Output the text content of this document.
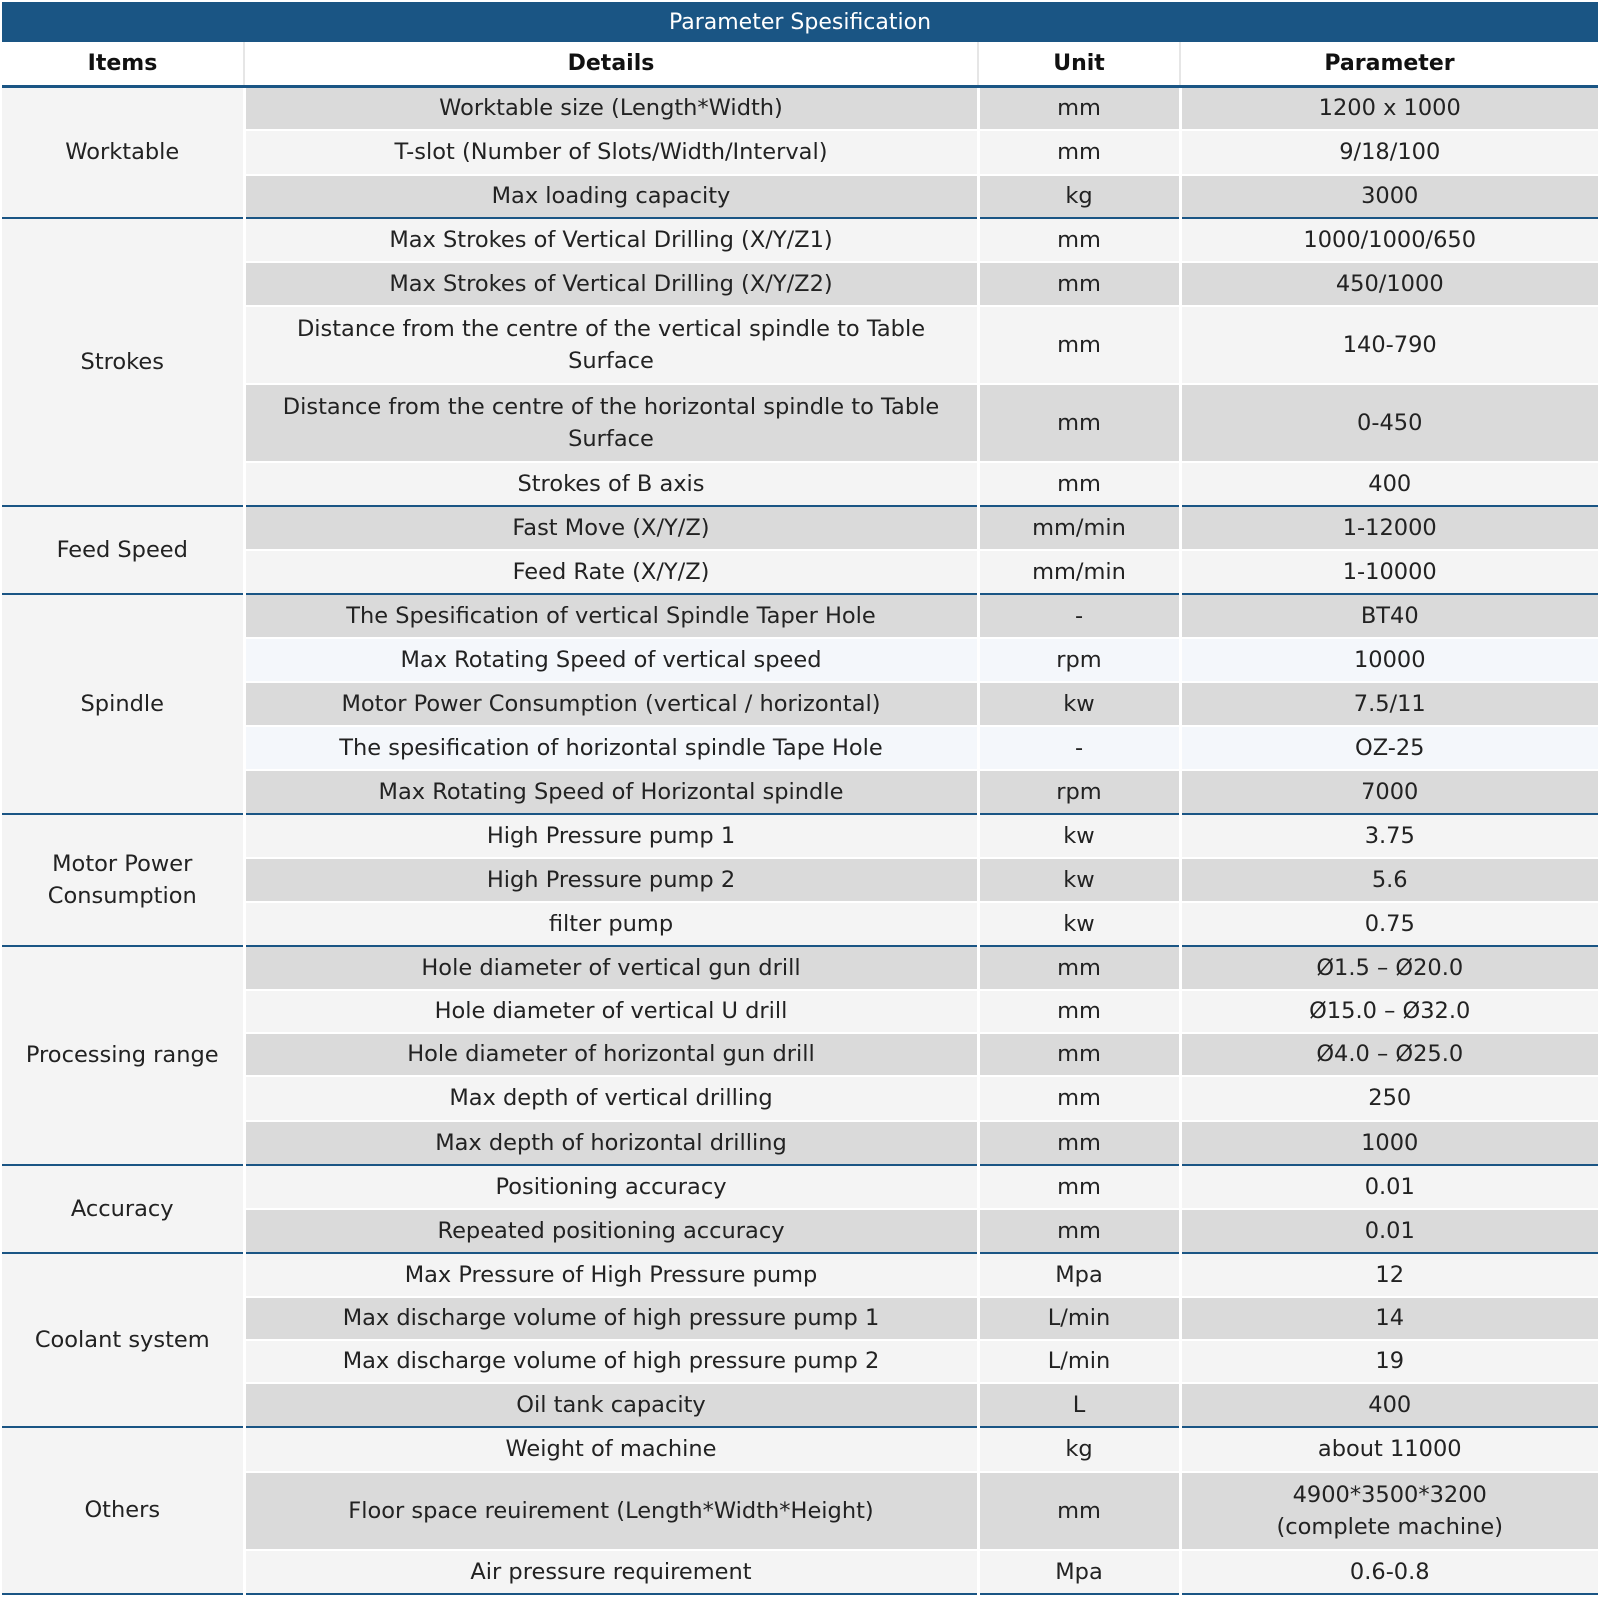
Parameter Spesification
Items	Details	Unit	Parameter
Worktable	Worktable size (Length*Width)	mm	1200 x 1000
	T-slot (Number of Slots/Width/Interval)	mm	9/18/100
	Max loading capacity	kg	3000
Strokes	Max Strokes of Vertical Drilling (X/Y/Z1)	mm	1000/1000/650
	Max Strokes of Vertical Drilling (X/Y/Z2)	mm	450/1000
	Distance from the centre of the vertical spindle to Table Surface	mm	140-790
	Distance from the centre of the horizontal spindle to Table Surface	mm	0-450
	Strokes of B axis	mm	400
Feed Speed	Fast Move (X/Y/Z)	mm/min	1-12000
	Feed Rate (X/Y/Z)	mm/min	1-10000
Spindle	The Spesification of vertical Spindle Taper Hole	-	BT40
	Max Rotating Speed of vertical speed	rpm	10000
	Motor Power Consumption (vertical / horizontal)	kw	7.5/11
	The spesification of horizontal spindle Tape Hole	-	OZ-25
	Max Rotating Speed of Horizontal spindle	rpm	7000
Motor Power Consumption	High Pressure pump 1	kw	3.75
	High Pressure pump 2	kw	5.6
	filter pump	kw	0.75
Processing range	Hole diameter of vertical gun drill	mm	Ø1.5 – Ø20.0
	Hole diameter of vertical U drill	mm	Ø15.0 – Ø32.0
	Hole diameter of horizontal gun drill	mm	Ø4.0 – Ø25.0
	Max depth of vertical drilling	mm	250
	Max depth of horizontal drilling	mm	1000
Accuracy	Positioning accuracy	mm	0.01
	Repeated positioning accuracy	mm	0.01
Coolant system	Max Pressure of High Pressure pump	Mpa	12
	Max discharge volume of high pressure pump 1	L/min	14
	Max discharge volume of high pressure pump 2	L/min	19
	Oil tank capacity	L	400
Others	Weight of machine	kg	about 11000
	Floor space reuirement (Length*Width*Height)	mm	4900*3500*3200 (complete machine)
	Air pressure requirement	Mpa	0.6-0.8
